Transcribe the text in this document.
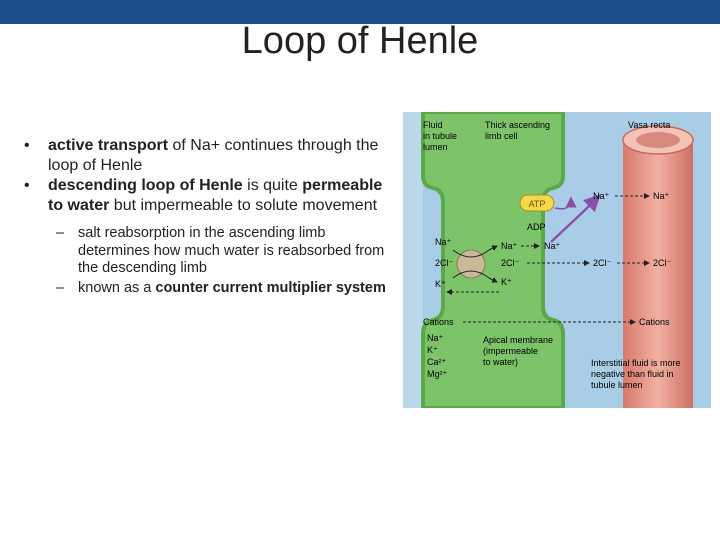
Loop of Henle
• active transport of Na+ continues through the loop of Henle
• descending loop of Henle is quite permeable to water but impermeable to solute movement
– salt reabsorption in the ascending limb determines how much water is reabsorbed from the descending limb
– known as a counter current multiplier system
Fluid
in tubule
lumen
Thick ascending
limb cell
Vasa recta
ATP
ADP
Na⁺	Na⁺
Na⁺
2Cl⁻
K⁺
Na⁺	Na⁺
2Cl⁻	2Cl⁻	2Cl⁻
K⁺
Cations	Cations
Na⁺
K⁺
Ca²⁺
Mg²⁺
Apical membrane
(impermeable
to water)	Interstitial fluid is more
negative than fluid in
tubule lumen
